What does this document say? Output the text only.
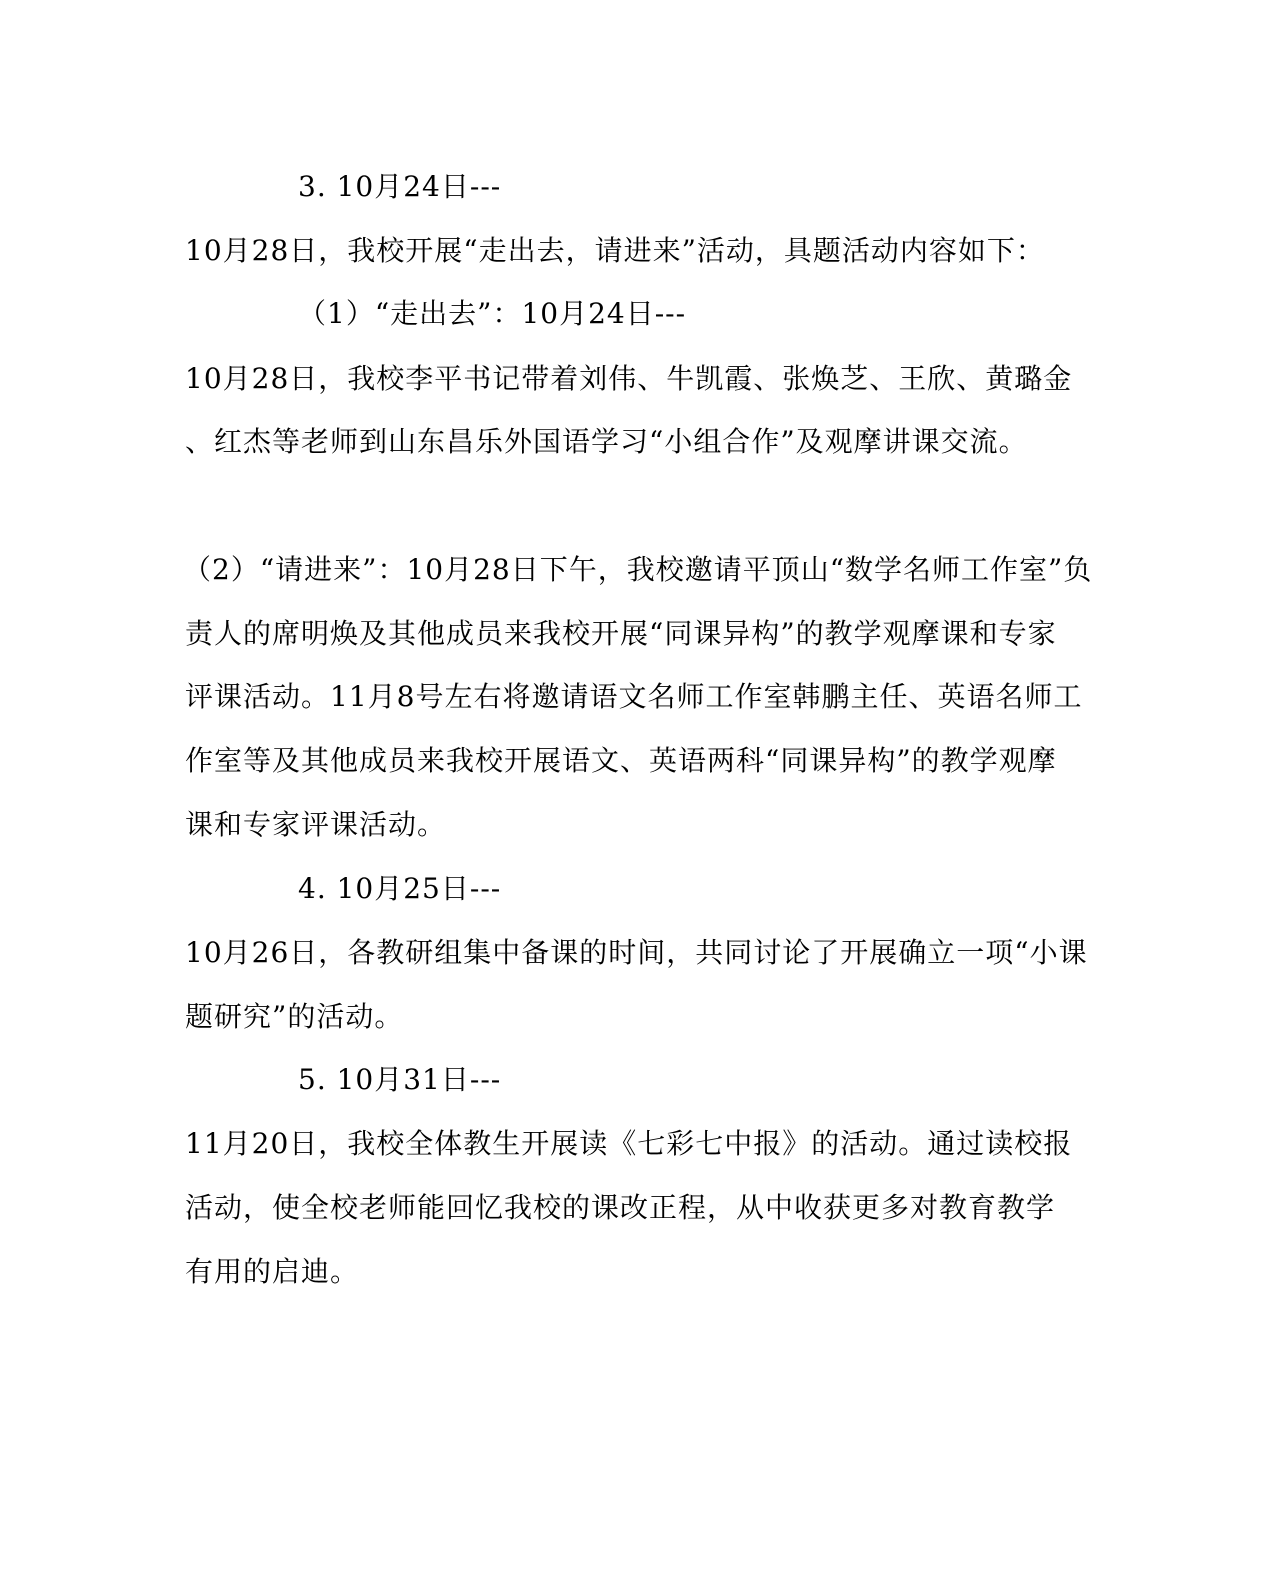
3. 10月24日---
10月28日，我校开展“走出去，请进来”活动，具题活动内容如下：
（1）“走出去”：10月24日---
10月28日，我校李平书记带着刘伟、牛凯霞、张焕芝、王欣、黄璐金
、红杰等老师到山东昌乐外国语学习“小组合作”及观摩讲课交流。
（2）“请进来”：10月28日下午，我校邀请平顶山“数学名师工作室”负
责人的席明焕及其他成员来我校开展“同课异构”的教学观摩课和专家
评课活动。11月8号左右将邀请语文名师工作室韩鹏主任、英语名师工
作室等及其他成员来我校开展语文、英语两科“同课异构”的教学观摩
课和专家评课活动。
4. 10月25日---
10月26日，各教研组集中备课的时间，共同讨论了开展确立一项“小课
题研究”的活动。
5. 10月31日---
11月20日，我校全体教生开展读《七彩七中报》的活动。通过读校报
活动，使全校老师能回忆我校的课改正程，从中收获更多对教育教学
有用的启迪。
